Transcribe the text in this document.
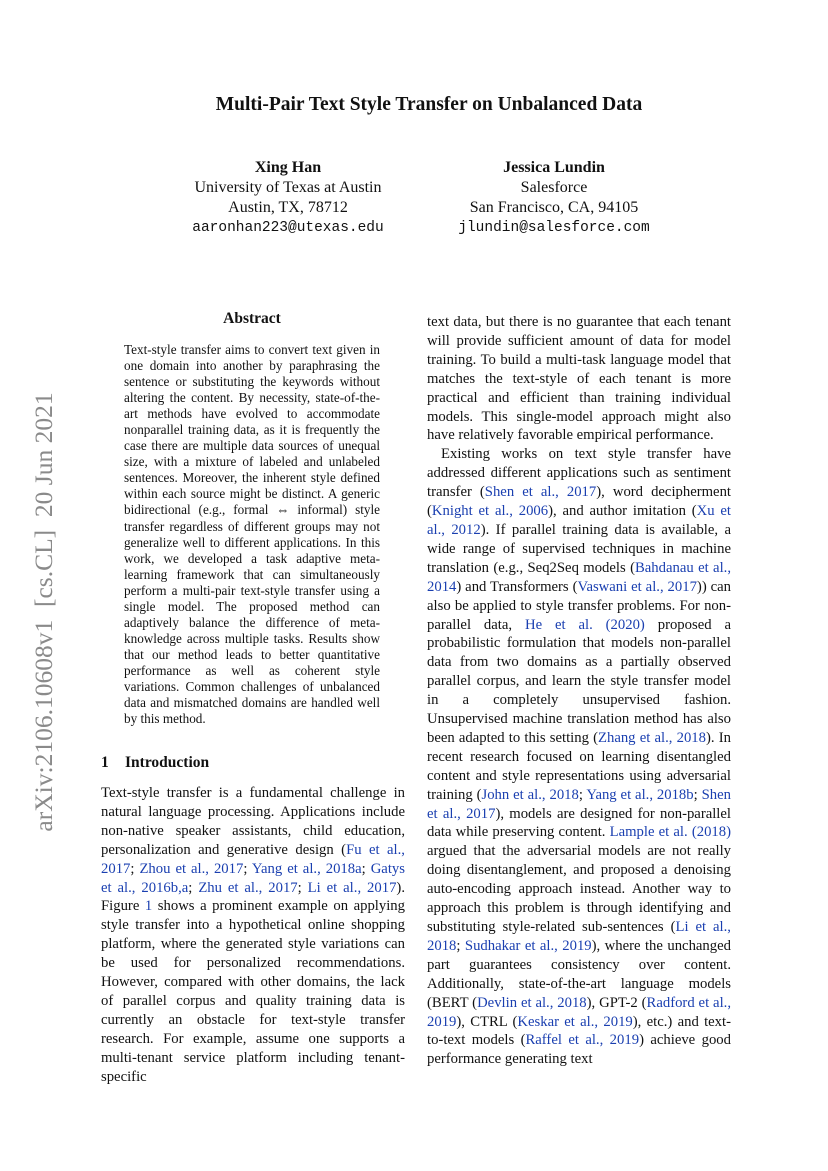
arXiv:2106.10608v1  [cs.CL]  20 Jun 2021
Multi-Pair Text Style Transfer on Unbalanced Data
Xing Han
University of Texas at Austin
Austin, TX, 78712
aaronhan223@utexas.edu
Jessica Lundin
Salesforce
San Francisco, CA, 94105
jlundin@salesforce.com
Abstract
Text-style transfer aims to convert text given in one domain into another by paraphrasing the sentence or substituting the keywords without altering the content. By necessity, state-of-the-art methods have evolved to accommodate nonparallel training data, as it is frequently the case there are multiple data sources of unequal size, with a mixture of labeled and unlabeled sentences. Moreover, the inherent style defined within each source might be distinct. A generic bidirectional (e.g., formal ⇔ informal) style transfer regardless of different groups may not generalize well to different applications. In this work, we developed a task adaptive meta-learning framework that can simultaneously perform a multi-pair text-style transfer using a single model. The proposed method can adaptively balance the difference of meta-knowledge across multiple tasks. Results show that our method leads to better quantitative performance as well as coherent style variations. Common challenges of unbalanced data and mismatched domains are handled well by this method.
1 Introduction

Text-style transfer is a fundamental challenge in natural language processing. Applications include non-native speaker assistants, child education, personalization and generative design (Fu et al., 2017; Zhou et al., 2017; Yang et al., 2018a; Gatys et al., 2016b,a; Zhu et al., 2017; Li et al., 2017). Figure 1 shows a prominent example on applying style transfer into a hypothetical online shopping platform, where the generated style variations can be used for personalized recommendations. However, compared with other domains, the lack of parallel corpus and quality training data is currently an obstacle for text-style transfer research. For example, assume one supports a multi-tenant service platform including tenant-specific

text data, but there is no guarantee that each tenant will provide sufficient amount of data for model training. To build a multi-task language model that matches the text-style of each tenant is more practical and efficient than training individual models. This single-model approach might also have relatively favorable empirical performance.

Existing works on text style transfer have addressed different applications such as sentiment transfer (Shen et al., 2017), word decipherment (Knight et al., 2006), and author imitation (Xu et al., 2012). If parallel training data is available, a wide range of supervised techniques in machine translation (e.g., Seq2Seq models (Bahdanau et al., 2014) and Transformers (Vaswani et al., 2017)) can also be applied to style transfer problems. For non-parallel data, He et al. (2020) proposed a probabilistic formulation that models non-parallel data from two domains as a partially observed parallel corpus, and learn the style transfer model in a completely unsupervised fashion. Unsupervised machine translation method has also been adapted to this setting (Zhang et al., 2018). In recent research focused on learning disentangled content and style representations using adversarial training (John et al., 2018; Yang et al., 2018b; Shen et al., 2017), models are designed for non-parallel data while preserving content. Lample et al. (2018) argued that the adversarial models are not really doing disentanglement, and proposed a denoising auto-encoding approach instead. Another way to approach this problem is through identifying and substituting style-related sub-sentences (Li et al., 2018; Sudhakar et al., 2019), where the unchanged part guarantees consistency over content. Additionally, state-of-the-art language models (BERT (Devlin et al., 2018), GPT-2 (Radford et al., 2019), CTRL (Keskar et al., 2019), etc.) and text-to-text models (Raffel et al., 2019) achieve good performance generating text
